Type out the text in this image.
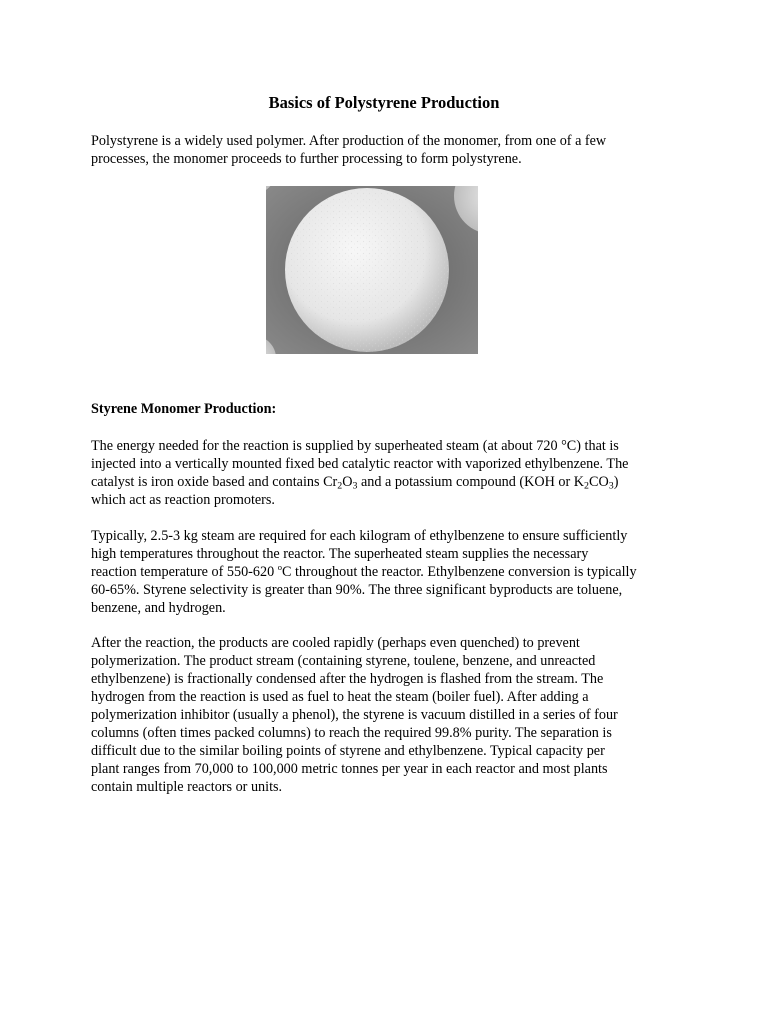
Basics of Polystyrene Production

Polystyrene is a widely used polymer. After production of the monomer, from one of a few
processes, the monomer proceeds to further processing to form polystyrene.

Styrene Monomer Production:

The energy needed for the reaction is supplied by superheated steam (at about 720 °C) that is
injected into a vertically mounted fixed bed catalytic reactor with vaporized ethylbenzene. The
catalyst is iron oxide based and contains $Cr_2O_3$ and a potassium compound (KOH or $K_2CO_3$)
which act as reaction promoters.

Typically, 2.5-3 kg steam are required for each kilogram of ethylbenzene to ensure sufficiently
high temperatures throughout the reactor. The superheated steam supplies the necessary
reaction temperature of 550-620 $^o$C throughout the reactor. Ethylbenzene conversion is typically
60-65%. Styrene selectivity is greater than 90%. The three significant byproducts are toluene,
benzene, and hydrogen.

After the reaction, the products are cooled rapidly (perhaps even quenched) to prevent
polymerization. The product stream (containing styrene, toulene, benzene, and unreacted
ethylbenzene) is fractionally condensed after the hydrogen is flashed from the stream. The
hydrogen from the reaction is used as fuel to heat the steam (boiler fuel). After adding a
polymerization inhibitor (usually a phenol), the styrene is vacuum distilled in a series of four
columns (often times packed columns) to reach the required 99.8% purity. The separation is
difficult due to the similar boiling points of styrene and ethylbenzene. Typical capacity per
plant ranges from 70,000 to 100,000 metric tonnes per year in each reactor and most plants
contain multiple reactors or units.
